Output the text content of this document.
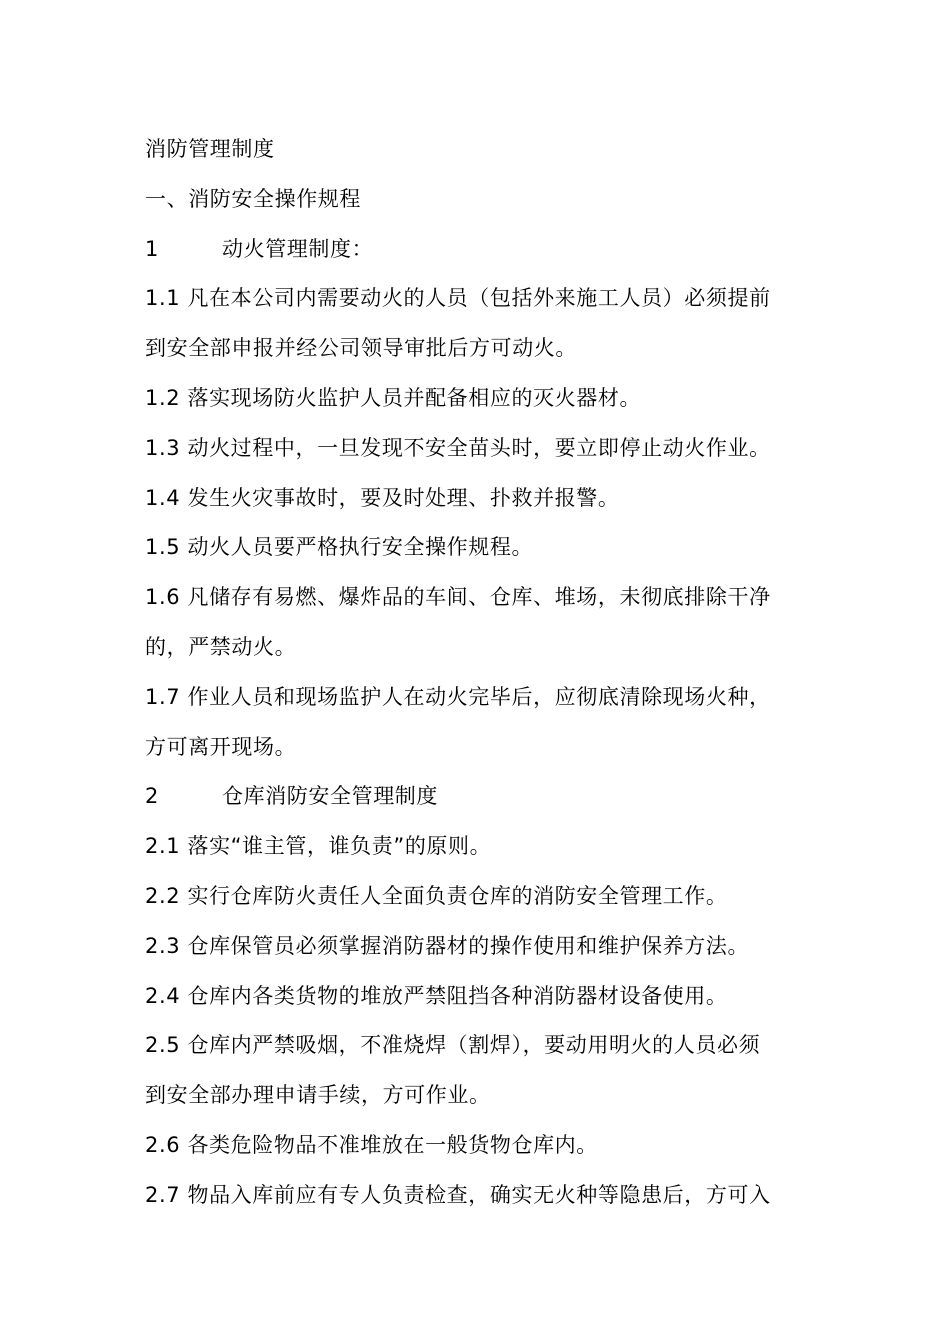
消防管理制度
一、消防安全操作规程
1	动火管理制度：
1.1 凡在本公司内需要动火的人员（包括外来施工人员）必须提前
到安全部申报并经公司领导审批后方可动火。
1.2 落实现场防火监护人员并配备相应的灭火器材。
1.3 动火过程中，一旦发现不安全苗头时，要立即停止动火作业。
1.4 发生火灾事故时，要及时处理、扑救并报警。
1.5 动火人员要严格执行安全操作规程。
1.6 凡储存有易燃、爆炸品的车间、仓库、堆场，未彻底排除干净
的，严禁动火。
1.7 作业人员和现场监护人在动火完毕后，应彻底清除现场火种，
方可离开现场。
2	仓库消防安全管理制度
2.1 落实“谁主管，谁负责”的原则。
2.2 实行仓库防火责任人全面负责仓库的消防安全管理工作。
2.3 仓库保管员必须掌握消防器材的操作使用和维护保养方法。
2.4 仓库内各类货物的堆放严禁阻挡各种消防器材设备使用。
2.5 仓库内严禁吸烟，不准烧焊（割焊），要动用明火的人员必须
到安全部办理申请手续，方可作业。
2.6 各类危险物品不准堆放在一般货物仓库内。
2.7 物品入库前应有专人负责检查，确实无火种等隐患后，方可入
